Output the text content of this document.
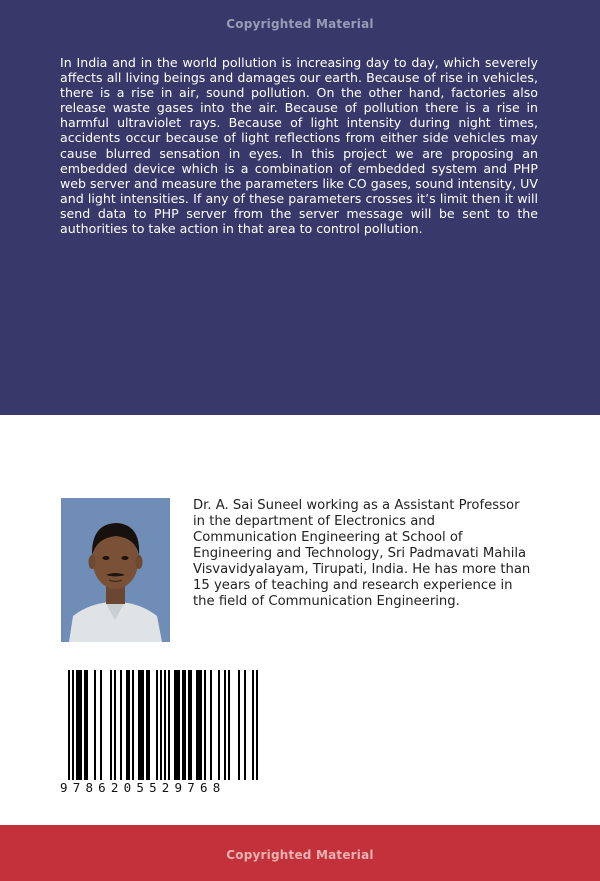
Copyrighted Material

In India and in the world pollution is increasing day to day, which severely affects all living beings and damages our earth. Because of rise in vehicles, there is a rise in air, sound pollution. On the other hand, factories also release waste gases into the air. Because of pollution there is a rise in harmful ultraviolet rays. Because of light intensity during night times, accidents occur because of light reflections from either side vehicles may cause blurred sensation in eyes. In this project we are proposing an embedded device which is a combination of embedded system and PHP web server and measure the parameters like CO gases, sound intensity, UV and light intensities. If any of these parameters crosses it’s limit then it will send data to PHP server from the server message will be sent to the authorities to take action in that area to control pollution.

Dr. A. Sai Suneel working as a Assistant Professor in the department of Electronics and Communication Engineering at School of Engineering and Technology, Sri Padmavati Mahila Visvavidyalayam, Tirupati, India. He has more than 15 years of teaching and research experience in the field of Communication Engineering.

9786205529768
Copyrighted Material
